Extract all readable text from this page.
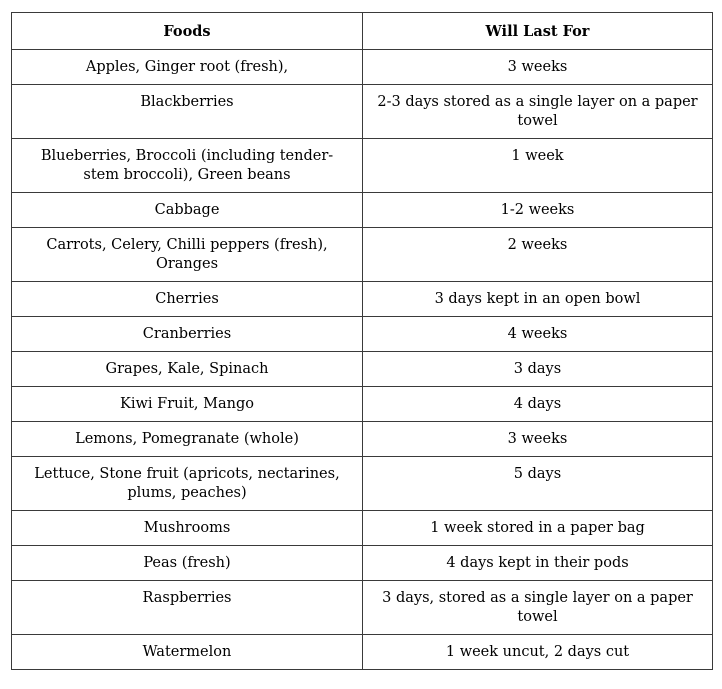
Foods	Will Last For
Apples, Ginger root (fresh),	3 weeks
Blackberries	2-3 days stored as a single layer on a paper towel
Blueberries, Broccoli (including tender-stem broccoli), Green beans	1 week
Cabbage	1-2 weeks
Carrots, Celery, Chilli peppers (fresh), Oranges	2 weeks
Cherries	3 days kept in an open bowl
Cranberries	4 weeks
Grapes, Kale, Spinach	3 days
Kiwi Fruit, Mango	4 days
Lemons, Pomegranate (whole)	3 weeks
Lettuce, Stone fruit (apricots, nectarines, plums, peaches)	5 days
Mushrooms	1 week stored in a paper bag
Peas (fresh)	4 days kept in their pods
Raspberries	3 days, stored as a single layer on a paper towel
Watermelon	1 week uncut, 2 days cut
